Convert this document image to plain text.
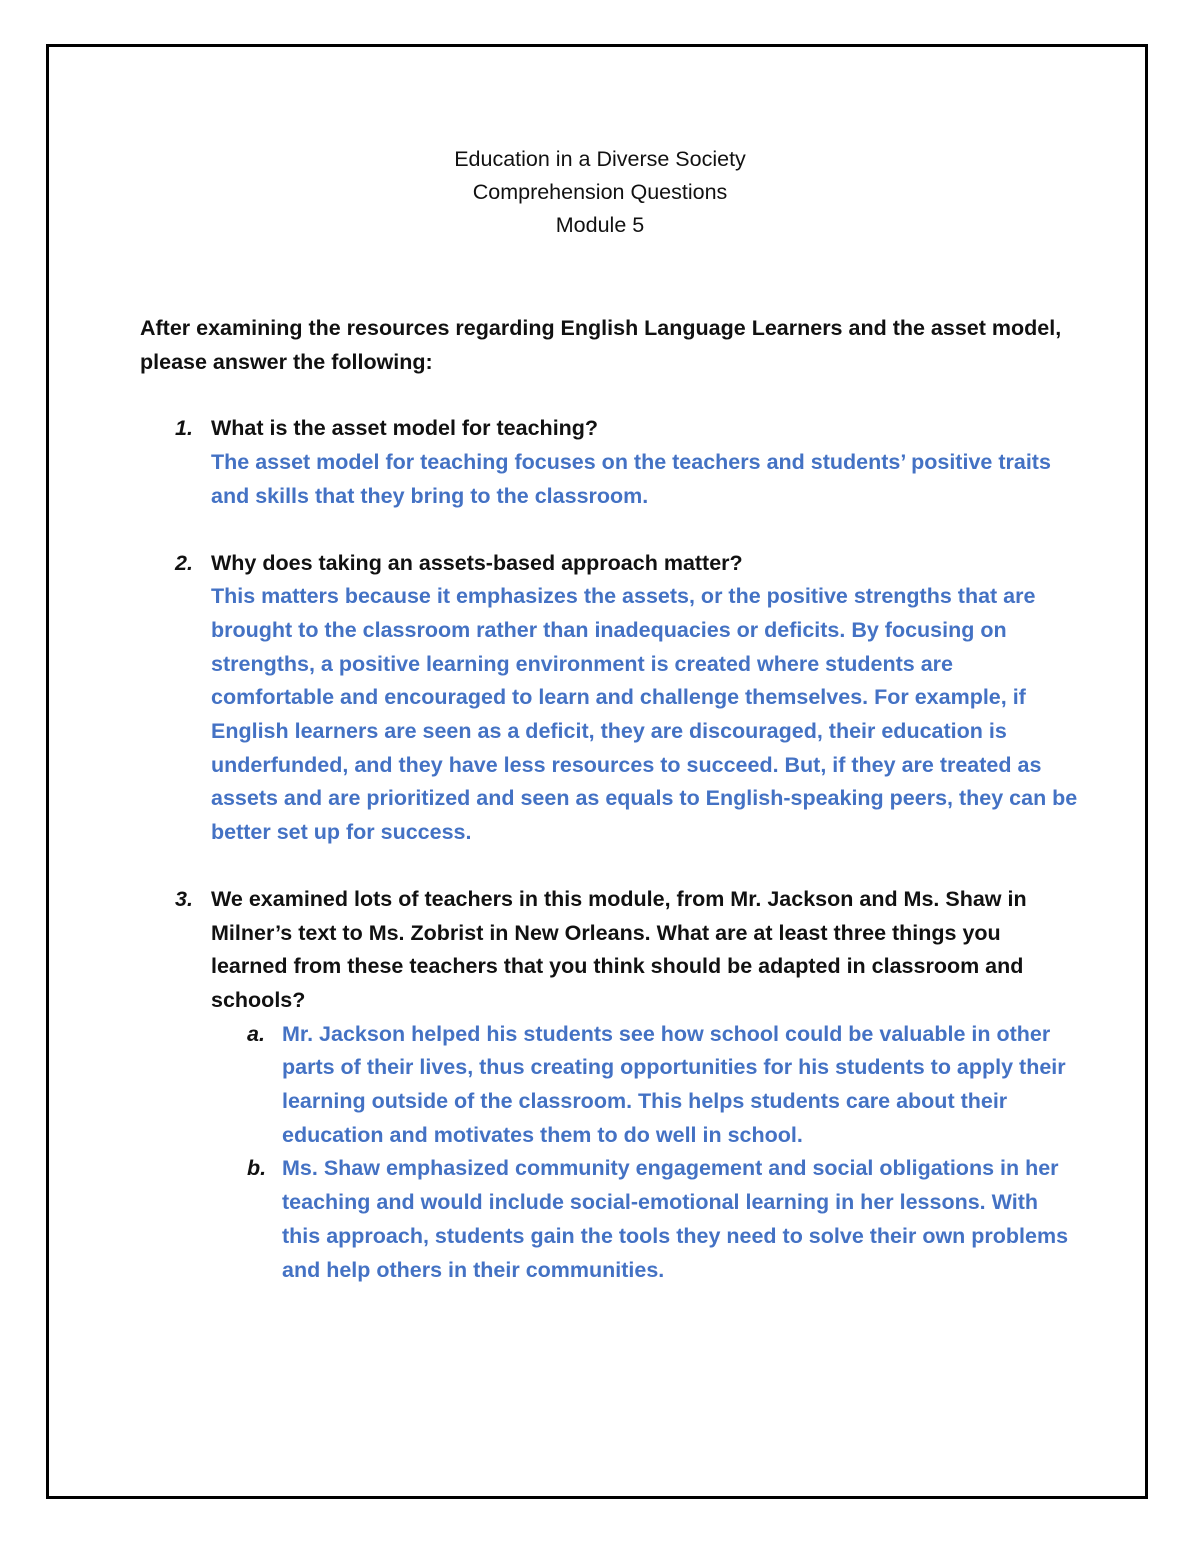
Education in a Diverse Society
Comprehension Questions
Module 5

After examining the resources regarding English Language Learners and the asset model, please answer the following:

1. What is the asset model for teaching?
The asset model for teaching focuses on the teachers and students’ positive traits and skills that they bring to the classroom.
2. Why does taking an assets-based approach matter?
This matters because it emphasizes the assets, or the positive strengths that are brought to the classroom rather than inadequacies or deficits. By focusing on strengths, a positive learning environment is created where students are comfortable and encouraged to learn and challenge themselves. For example, if English learners are seen as a deficit, they are discouraged, their education is underfunded, and they have less resources to succeed. But, if they are treated as assets and are prioritized and seen as equals to English-speaking peers, they can be better set up for success.
3. We examined lots of teachers in this module, from Mr. Jackson and Ms. Shaw in Milner’s text to Ms. Zobrist in New Orleans. What are at least three things you learned from these teachers that you think should be adapted in classroom and schools?
a. Mr. Jackson helped his students see how school could be valuable in other parts of their lives, thus creating opportunities for his students to apply their learning outside of the classroom. This helps students care about their education and motivates them to do well in school.
b. Ms. Shaw emphasized community engagement and social obligations in her teaching and would include social-emotional learning in her lessons. With this approach, students gain the tools they need to solve their own problems and help others in their communities.
